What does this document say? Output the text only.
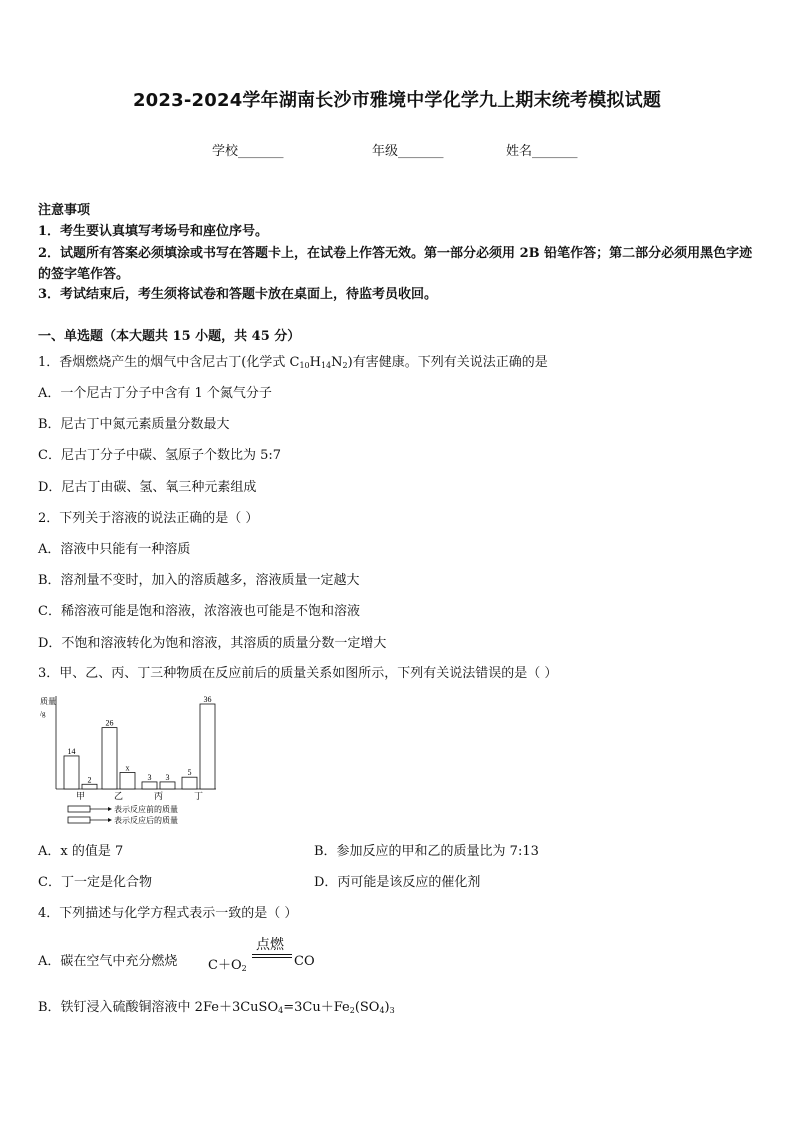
2023-2024学年湖南长沙市雅境中学化学九上期末统考模拟试题
学校_______	年级_______	姓名_______
注意事项
1．考生要认真填写考场号和座位序号。
2．试题所有答案必须填涂或书写在答题卡上，在试卷上作答无效。第一部分必须用 2B 铅笔作答；第二部分必须用黑色字迹的签字笔作答。
3．考试结束后，考生须将试卷和答题卡放在桌面上，待监考员收回。
一、单选题（本大题共 15 小题，共 45 分）
1．香烟燃烧产生的烟气中含尼古丁(化学式 $C_{10}H_{14}N_2$)有害健康。下列有关说法正确的是
A．一个尼古丁分子中含有 1 个氮气分子
B．尼古丁中氮元素质量分数最大
C．尼古丁分子中碳、氢原子个数比为 5:7
D．尼古丁由碳、氢、氧三种元素组成
2．下列关于溶液的说法正确的是（ ）
A．溶液中只能有一种溶质
B．溶剂量不变时，加入的溶质越多，溶液质量一定越大
C．稀溶液可能是饱和溶液，浓溶液也可能是不饱和溶液
D．不饱和溶液转化为饱和溶液，其溶质的质量分数一定增大
3．甲、乙、丙、丁三种物质在反应前后的质量关系如图所示，下列有关说法错误的是（ ）
质量
/g
14
2
甲
26
x
乙
3 3
丙
5
36
丁
表示反应前的质量
表示反应后的质量
A．x 的值是 7	B．参加反应的甲和乙的质量比为 7:13
C．丁一定是化合物	D．丙可能是该反应的催化剂
4．下列描述与化学方程式表示一致的是（ ）
A．碳在空气中充分燃烧
点燃
$C+O_2$	CO
B．铁钉浸入硫酸铜溶液中 $2Fe+3CuSO_4=3Cu+Fe_2(SO_4)_3$
